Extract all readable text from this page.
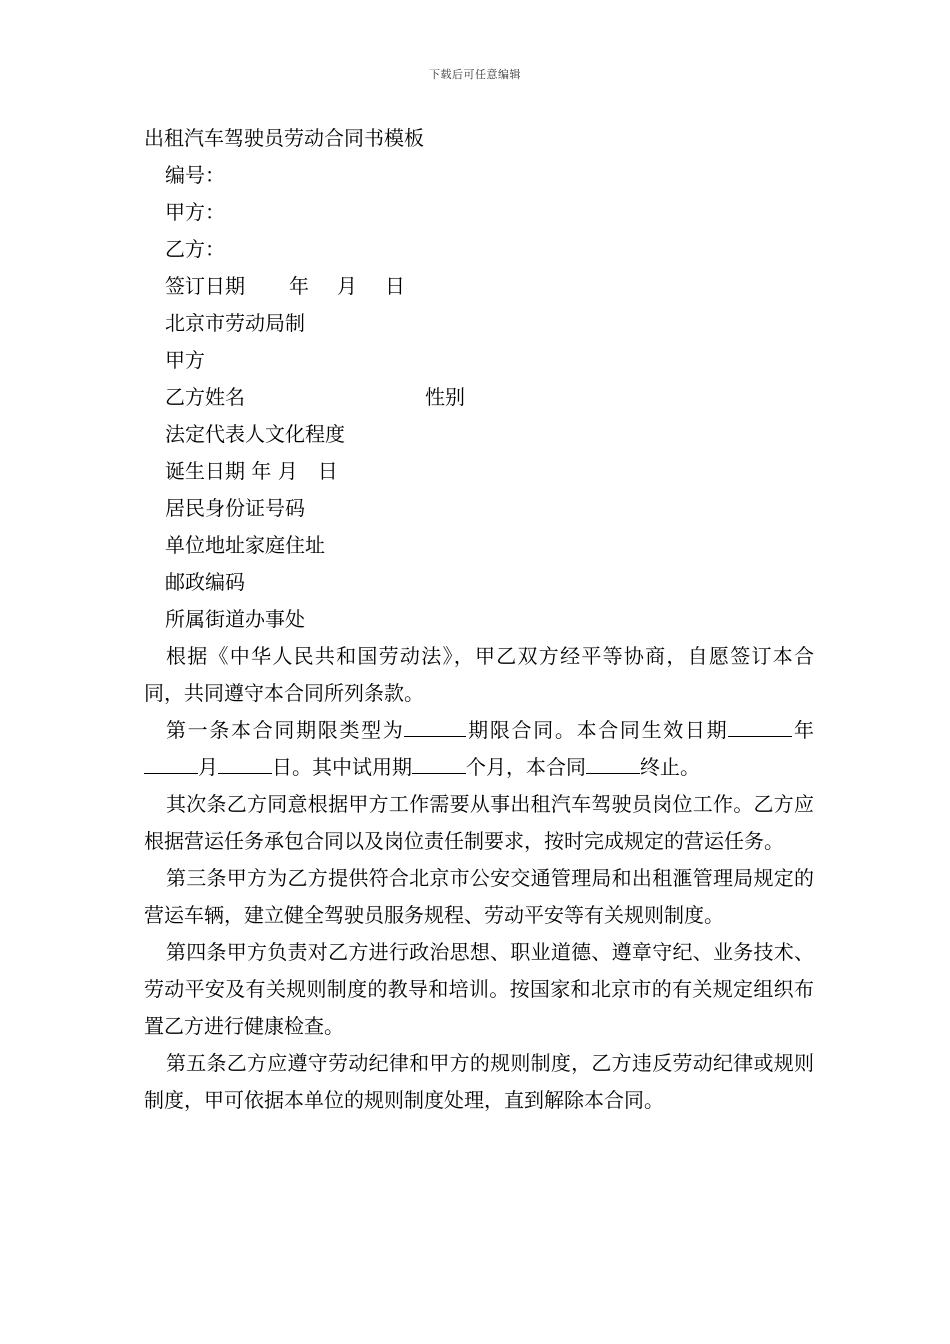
下载后可任意编辑
出租汽车驾驶员劳动合同书模板
编号：
甲方：
乙方：
签订日期 年 月 日
北京市劳动局制
甲方
乙方姓名	性别
法定代表人文化程度
诞生日期 年 月 日
居民身份证号码
单位地址家庭住址
邮政编码
所属街道办事处

根据《中华人民共和国劳动法》，甲乙双方经平等协商，自愿签订本合同，共同遵守本合同所列条款。

第一条本合同期限类型为	期限合同。本合同生效日期	年月	日。其中试用期	个月，本合同	终止。

其次条乙方同意根据甲方工作需要从事出租汽车驾驶员岗位工作。乙方应根据营运任务承包合同以及岗位责任制要求，按时完成规定的营运任务。

第三条甲方为乙方提供符合北京市公安交通管理局和出租滙管理局规定的营运车辆，建立健全驾驶员服务规程、劳动平安等有关规则制度。

第四条甲方负责对乙方进行政治思想、职业道德、遵章守纪、业务技术、劳动平安及有关规则制度的教导和培训。按国家和北京市的有关规定组织布置乙方进行健康检查。

第五条乙方应遵守劳动纪律和甲方的规则制度，乙方违反劳动纪律或规则制度，甲可依据本单位的规则制度处理，直到解除本合同。
